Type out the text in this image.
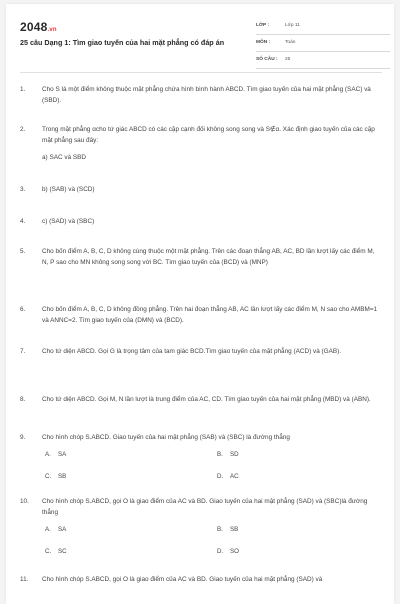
2048.vn
25 câu Dạng 1: Tìm giao tuyến của hai mặt phẳng có đáp án
LỚP :	Lớp 11
MÔN :	Toán
SỐ CÂU : 25
1.	Cho S là một điểm không thuộc mặt phẳng chứa hình bình hành ABCD. Tìm giao tuyến của hai mặt phẳng (SAC) và (SBD).
2.	Trong mặt phẳng αcho tứ giác ABCD có các cặp cạnh đối không song song và S∉α. Xác định giao tuyến của các cặp mặt phẳng sau đây:
a) SAC và SBD
3.	b) (SAB) và (SCD)
4.	c) (SAD) và (SBC)
5.	Cho bốn điểm A, B, C, D không cùng thuộc một mặt phẳng. Trên các đoạn thẳng AB, AC, BD lần lượt lấy các điểm M, N, P sao cho MN không song song với BC. Tìm giao tuyến của (BCD) và (MNP)
6.	Cho bốn điểm A, B, C, D không đồng phẳng. Trên hai đoạn thẳng AB, AC lần lượt lấy các điểm M, N sao cho AMBM=1 và ANNC=2. Tìm giao tuyến của (DMN) và (BCD).
7.	Cho tứ diện ABCD. Gọi G là trọng tâm của tam giác BCD.Tìm giao tuyến của mặt phẳng (ACD) và (GAB).
8.	Cho tứ diện ABCD. Gọi M, N lần lượt là trung điểm của AC, CD. Tìm giao tuyến của hai mặt phẳng (MBD) và (ABN).
9.	Cho hình chóp S.ABCD. Giao tuyến của hai mặt phẳng (SAB) và (SBC) là đường thẳng
A. SA	B. SD
C. SB	D. AC
10.	Cho hình chóp S.ABCD, gọi O là giao điểm của AC và BD. Giao tuyến của hai mặt phẳng (SAD) và (SBC)là đường thẳng
A. SA	B. SB
C. SC	D. SO
11.	Cho hình chóp S.ABCD, gọi O là giao điểm của AC và BD. Giao tuyến của hai mặt phẳng (SAD) và
